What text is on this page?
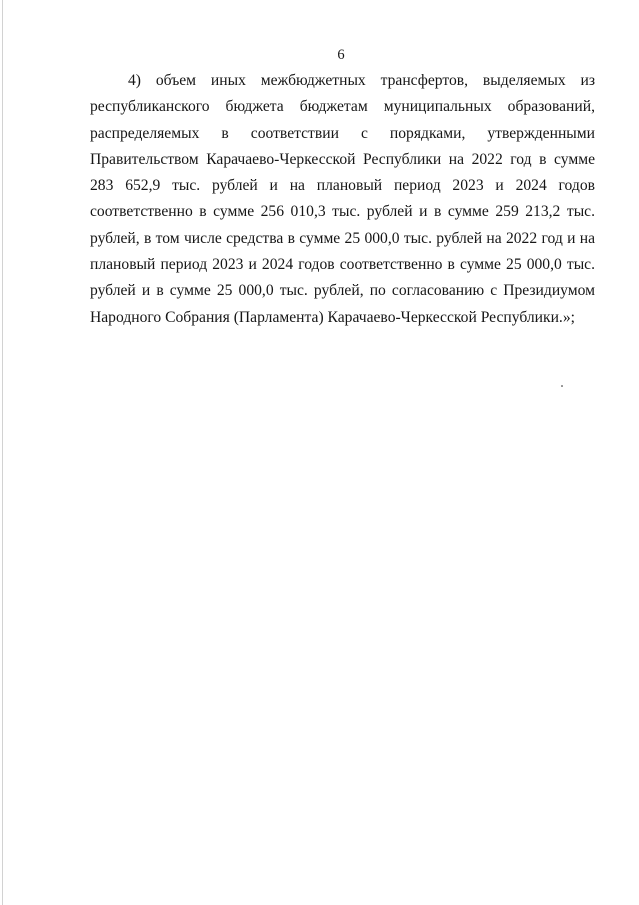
6
4) объем иных межбюджетных трансфертов, выделяемых из
республиканского бюджета бюджетам муниципальных образований,
распределяемых в соответствии с порядками, утвержденными
Правительством Карачаево-Черкесской Республики на 2022 год в сумме
283 652,9 тыс. рублей и на плановый период 2023 и 2024 годов
соответственно в сумме 256 010,3 тыс. рублей и в сумме 259 213,2 тыс.
рублей, в том числе средства в сумме 25 000,0 тыс. рублей на 2022 год и на
плановый период 2023 и 2024 годов соответственно в сумме 25 000,0 тыс.
рублей и в сумме 25 000,0 тыс. рублей, по согласованию с Президиумом
Народного Собрания (Парламента) Карачаево-Черкесской Республики.»;
